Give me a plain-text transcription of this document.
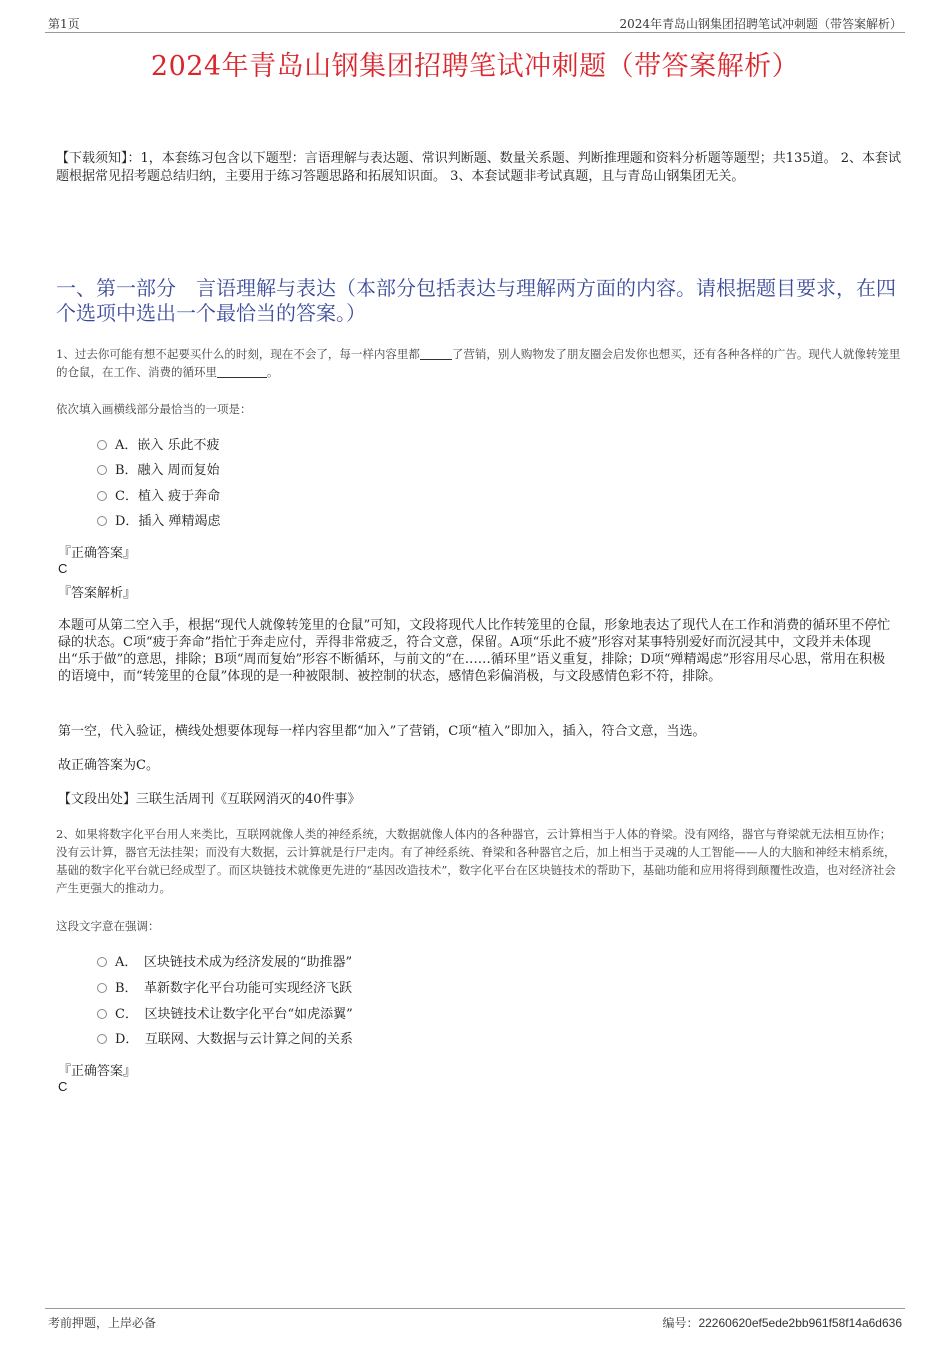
第1页	2024年青岛山钢集团招聘笔试冲刺题（带答案解析）
2024年青岛山钢集团招聘笔试冲刺题（带答案解析）
【下载须知】：1，本套练习包含以下题型：言语理解与表达题、常识判断题、数量关系题、判断推理题和资料分析题等题型；共135道。 2、本套试题根据常见招考题总结归纳，主要用于练习答题思路和拓展知识面。 3、本套试题非考试真题，且与青岛山钢集团无关。
一、第一部分　言语理解与表达（本部分包括表达与理解两方面的内容。请根据题目要求，在四个选项中选出一个最恰当的答案。）
1、过去你可能有想不起要买什么的时刻，现在不会了，每一样内容里都	了营销，别人购物发了朋友圈会启发你也想买，还有各种各样的广告。现代人就像转笼里的仓鼠，在工作、消费的循环里	。
依次填入画横线部分最恰当的一项是：
A．嵌入 乐此不疲
B．融入 周而复始
C．植入 疲于奔命
D．插入 殚精竭虑
『正确答案』
C
『答案解析』
本题可从第二空入手，根据“现代人就像转笼里的仓鼠”可知，文段将现代人比作转笼里的仓鼠，形象地表达了现代人在工作和消费的循环里不停忙碌的状态。C项“疲于奔命”指忙于奔走应付，弄得非常疲乏，符合文意，保留。A项“乐此不疲”形容对某事特别爱好而沉浸其中，文段并未体现出“乐于做”的意思，排除；B项“周而复始”形容不断循环，与前文的“在……循环里”语义重复，排除；D项“殚精竭虑”形容用尽心思，常用在积极的语境中，而“转笼里的仓鼠”体现的是一种被限制、被控制的状态，感情色彩偏消极，与文段感情色彩不符，排除。
第一空，代入验证，横线处想要体现每一样内容里都“加入”了营销，C项“植入”即加入，插入，符合文意，当选。
故正确答案为C。
【文段出处】三联生活周刊《互联网消灭的40件事》
2、如果将数字化平台用人来类比，互联网就像人类的神经系统，大数据就像人体内的各种器官，云计算相当于人体的脊梁。没有网络，器官与脊梁就无法相互协作；没有云计算，器官无法挂架；而没有大数据，云计算就是行尸走肉。有了神经系统、脊梁和各种器官之后，加上相当于灵魂的人工智能——人的大脑和神经末梢系统，基础的数字化平台就已经成型了。而区块链技术就像更先进的“基因改造技术”，数字化平台在区块链技术的帮助下，基础功能和应用将得到颠覆性改造，也对经济社会产生更强大的推动力。
这段文字意在强调：
A．　区块链技术成为经济发展的“助推器”
B．　革新数字化平台功能可实现经济飞跃
C．　区块链技术让数字化平台“如虎添翼”
D．　互联网、大数据与云计算之间的关系
『正确答案』
C
考前押题，上岸必备	编号：22260620ef5ede2bb961f58f14a6d636
